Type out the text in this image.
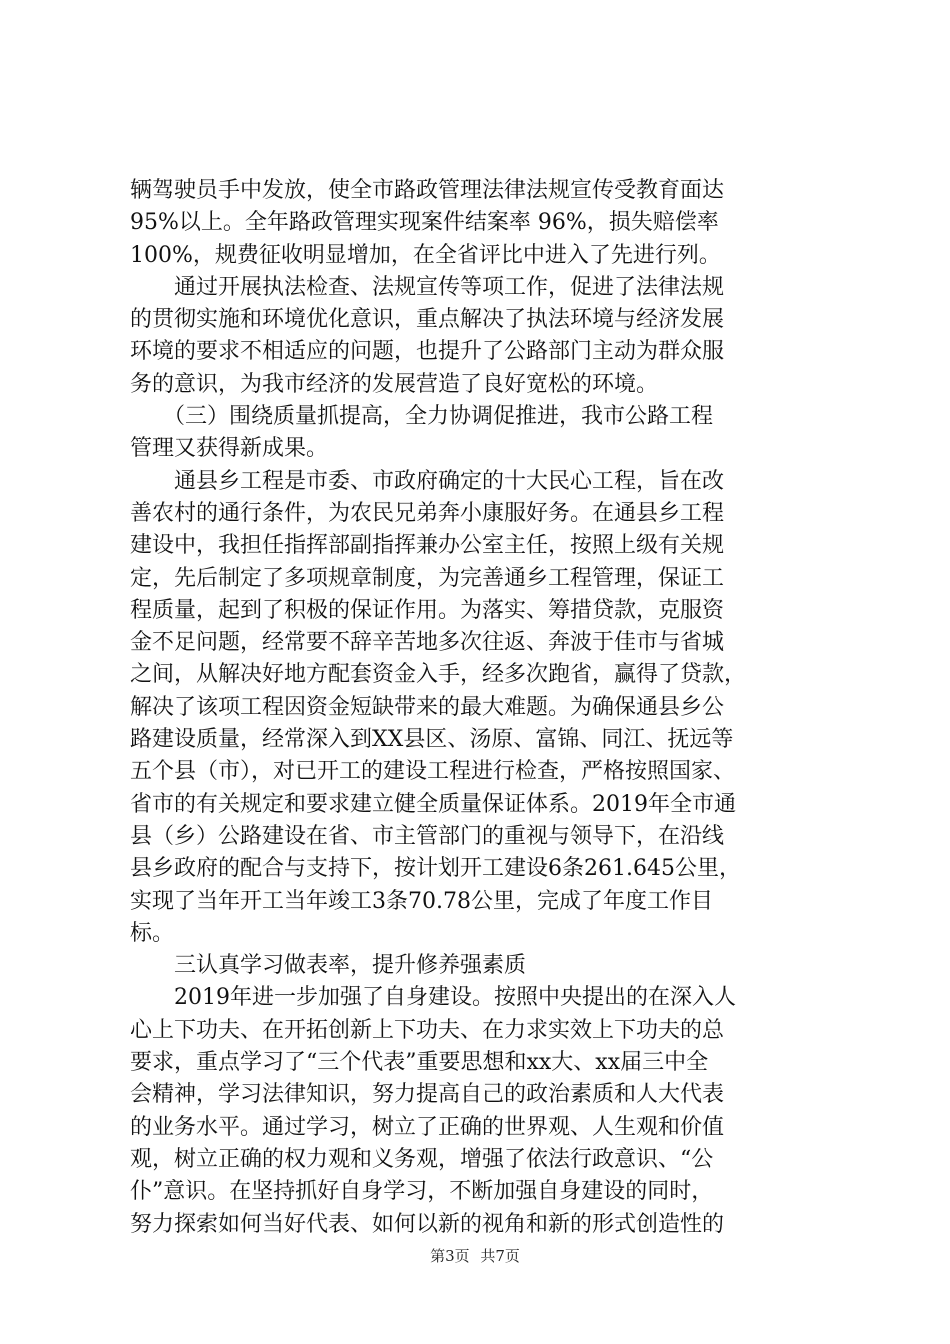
辆驾驶员手中发放，使全市路政管理法律法规宣传受教育面达
95%以上。全年路政管理实现案件结案率 96%，损失赔偿率
100%，规费征收明显增加，在全省评比中进入了先进行列。
　　通过开展执法检查、法规宣传等项工作，促进了法律法规
的贯彻实施和环境优化意识，重点解决了执法环境与经济发展
环境的要求不相适应的问题，也提升了公路部门主动为群众服
务的意识，为我市经济的发展营造了良好宽松的环境。
　　（三）围绕质量抓提高，全力协调促推进，我市公路工程
管理又获得新成果。
　　通县乡工程是市委、市政府确定的十大民心工程，旨在改
善农村的通行条件，为农民兄弟奔小康服好务。在通县乡工程
建设中，我担任指挥部副指挥兼办公室主任，按照上级有关规
定，先后制定了多项规章制度，为完善通乡工程管理，保证工
程质量，起到了积极的保证作用。为落实、筹措贷款，克服资
金不足问题，经常要不辞辛苦地多次往返、奔波于佳市与省城
之间，从解决好地方配套资金入手，经多次跑省，赢得了贷款，
解决了该项工程因资金短缺带来的最大难题。为确保通县乡公
路建设质量，经常深入到XX县区、汤原、富锦、同江、抚远等
五个县（市），对已开工的建设工程进行检查，严格按照国家、
省市的有关规定和要求建立健全质量保证体系。2019年全市通
县（乡）公路建设在省、市主管部门的重视与领导下，在沿线
县乡政府的配合与支持下，按计划开工建设6条261.645公里，
实现了当年开工当年竣工3条70.78公里，完成了年度工作目
标。
　　三认真学习做表率，提升修养强素质
　　2019年进一步加强了自身建设。按照中央提出的在深入人
心上下功夫、在开拓创新上下功夫、在力求实效上下功夫的总
要求，重点学习了“三个代表”重要思想和xx大、xx届三中全
会精神，学习法律知识，努力提高自己的政治素质和人大代表
的业务水平。通过学习，树立了正确的世界观、人生观和价值
观，树立正确的权力观和义务观，增强了依法行政意识、“公
仆”意识。在坚持抓好自身学习，不断加强自身建设的同时，
努力探索如何当好代表、如何以新的视角和新的形式创造性的
第3页 共7页
